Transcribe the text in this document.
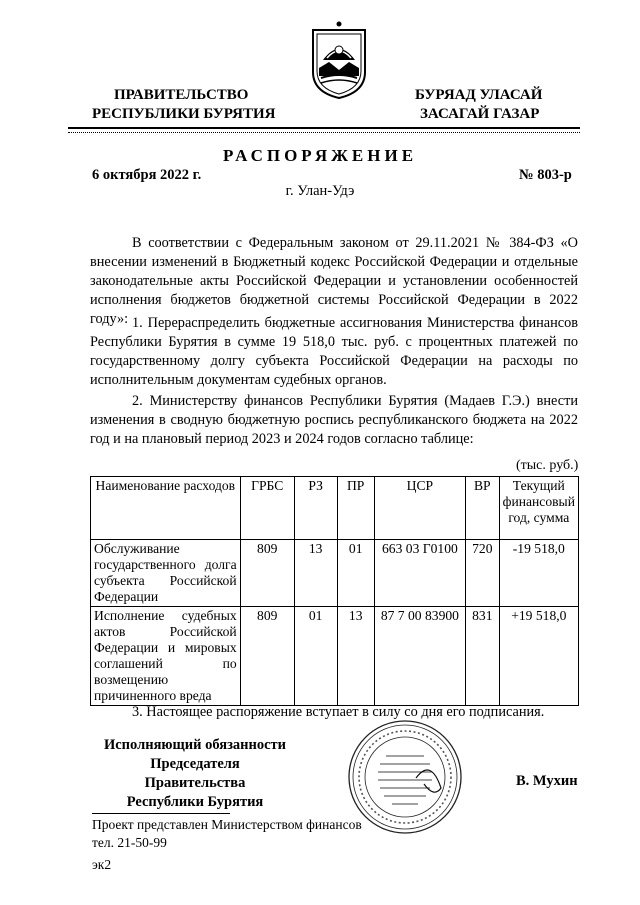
ПРАВИТЕЛЬСТВО
РЕСПУБЛИКИ БУРЯТИЯ
БУРЯАД УЛАСАЙ
ЗАСАГАЙ ГАЗАР
РАСПОРЯЖЕНИЕ
6 октября 2022 г.	№ 803-р
г. Улан-Удэ
В соответствии с Федеральным законом от 29.11.2021 № 384-ФЗ «О внесении изменений в Бюджетный кодекс Российской Федерации и отдельные законодательные акты Российской Федерации и установлении особенностей исполнения бюджетов бюджетной системы Российской Федерации в 2022 году»: 1. Перераспределить бюджетные ассигнования Министерства финансов Республики Бурятия в сумме 19 518,0 тыс. руб. с процентных платежей по государственному долгу субъекта Российской Федерации на расходы по исполнительным документам судебных органов.
2. Министерству финансов Республики Бурятия (Мадаев Г.Э.) внести изменения в сводную бюджетную роспись республиканского бюджета на 2022 год и на плановый период 2023 и 2024 годов согласно таблице:
(тыс. руб.)
Наименование расходов	ГРБС	РЗ	ПР	ЦСР	ВР	Текущий финансовый год, сумма
Обслуживание государственного долга субъекта Российской Федерации	809	13	01	663 03 Г0100	720	-19 518,0
Исполнение судебных актов Российской Федерации и мировых соглашений по возмещению причиненного вреда	809	01	13	87 7 00 83900	831	+19 518,0
3. Настоящее распоряжение вступает в силу со дня его подписания.
Исполняющий обязанности
Председателя Правительства
Республики Бурятия
В. Мухин
Проект представлен Министерством финансов
тел. 21-50-99
эк2
